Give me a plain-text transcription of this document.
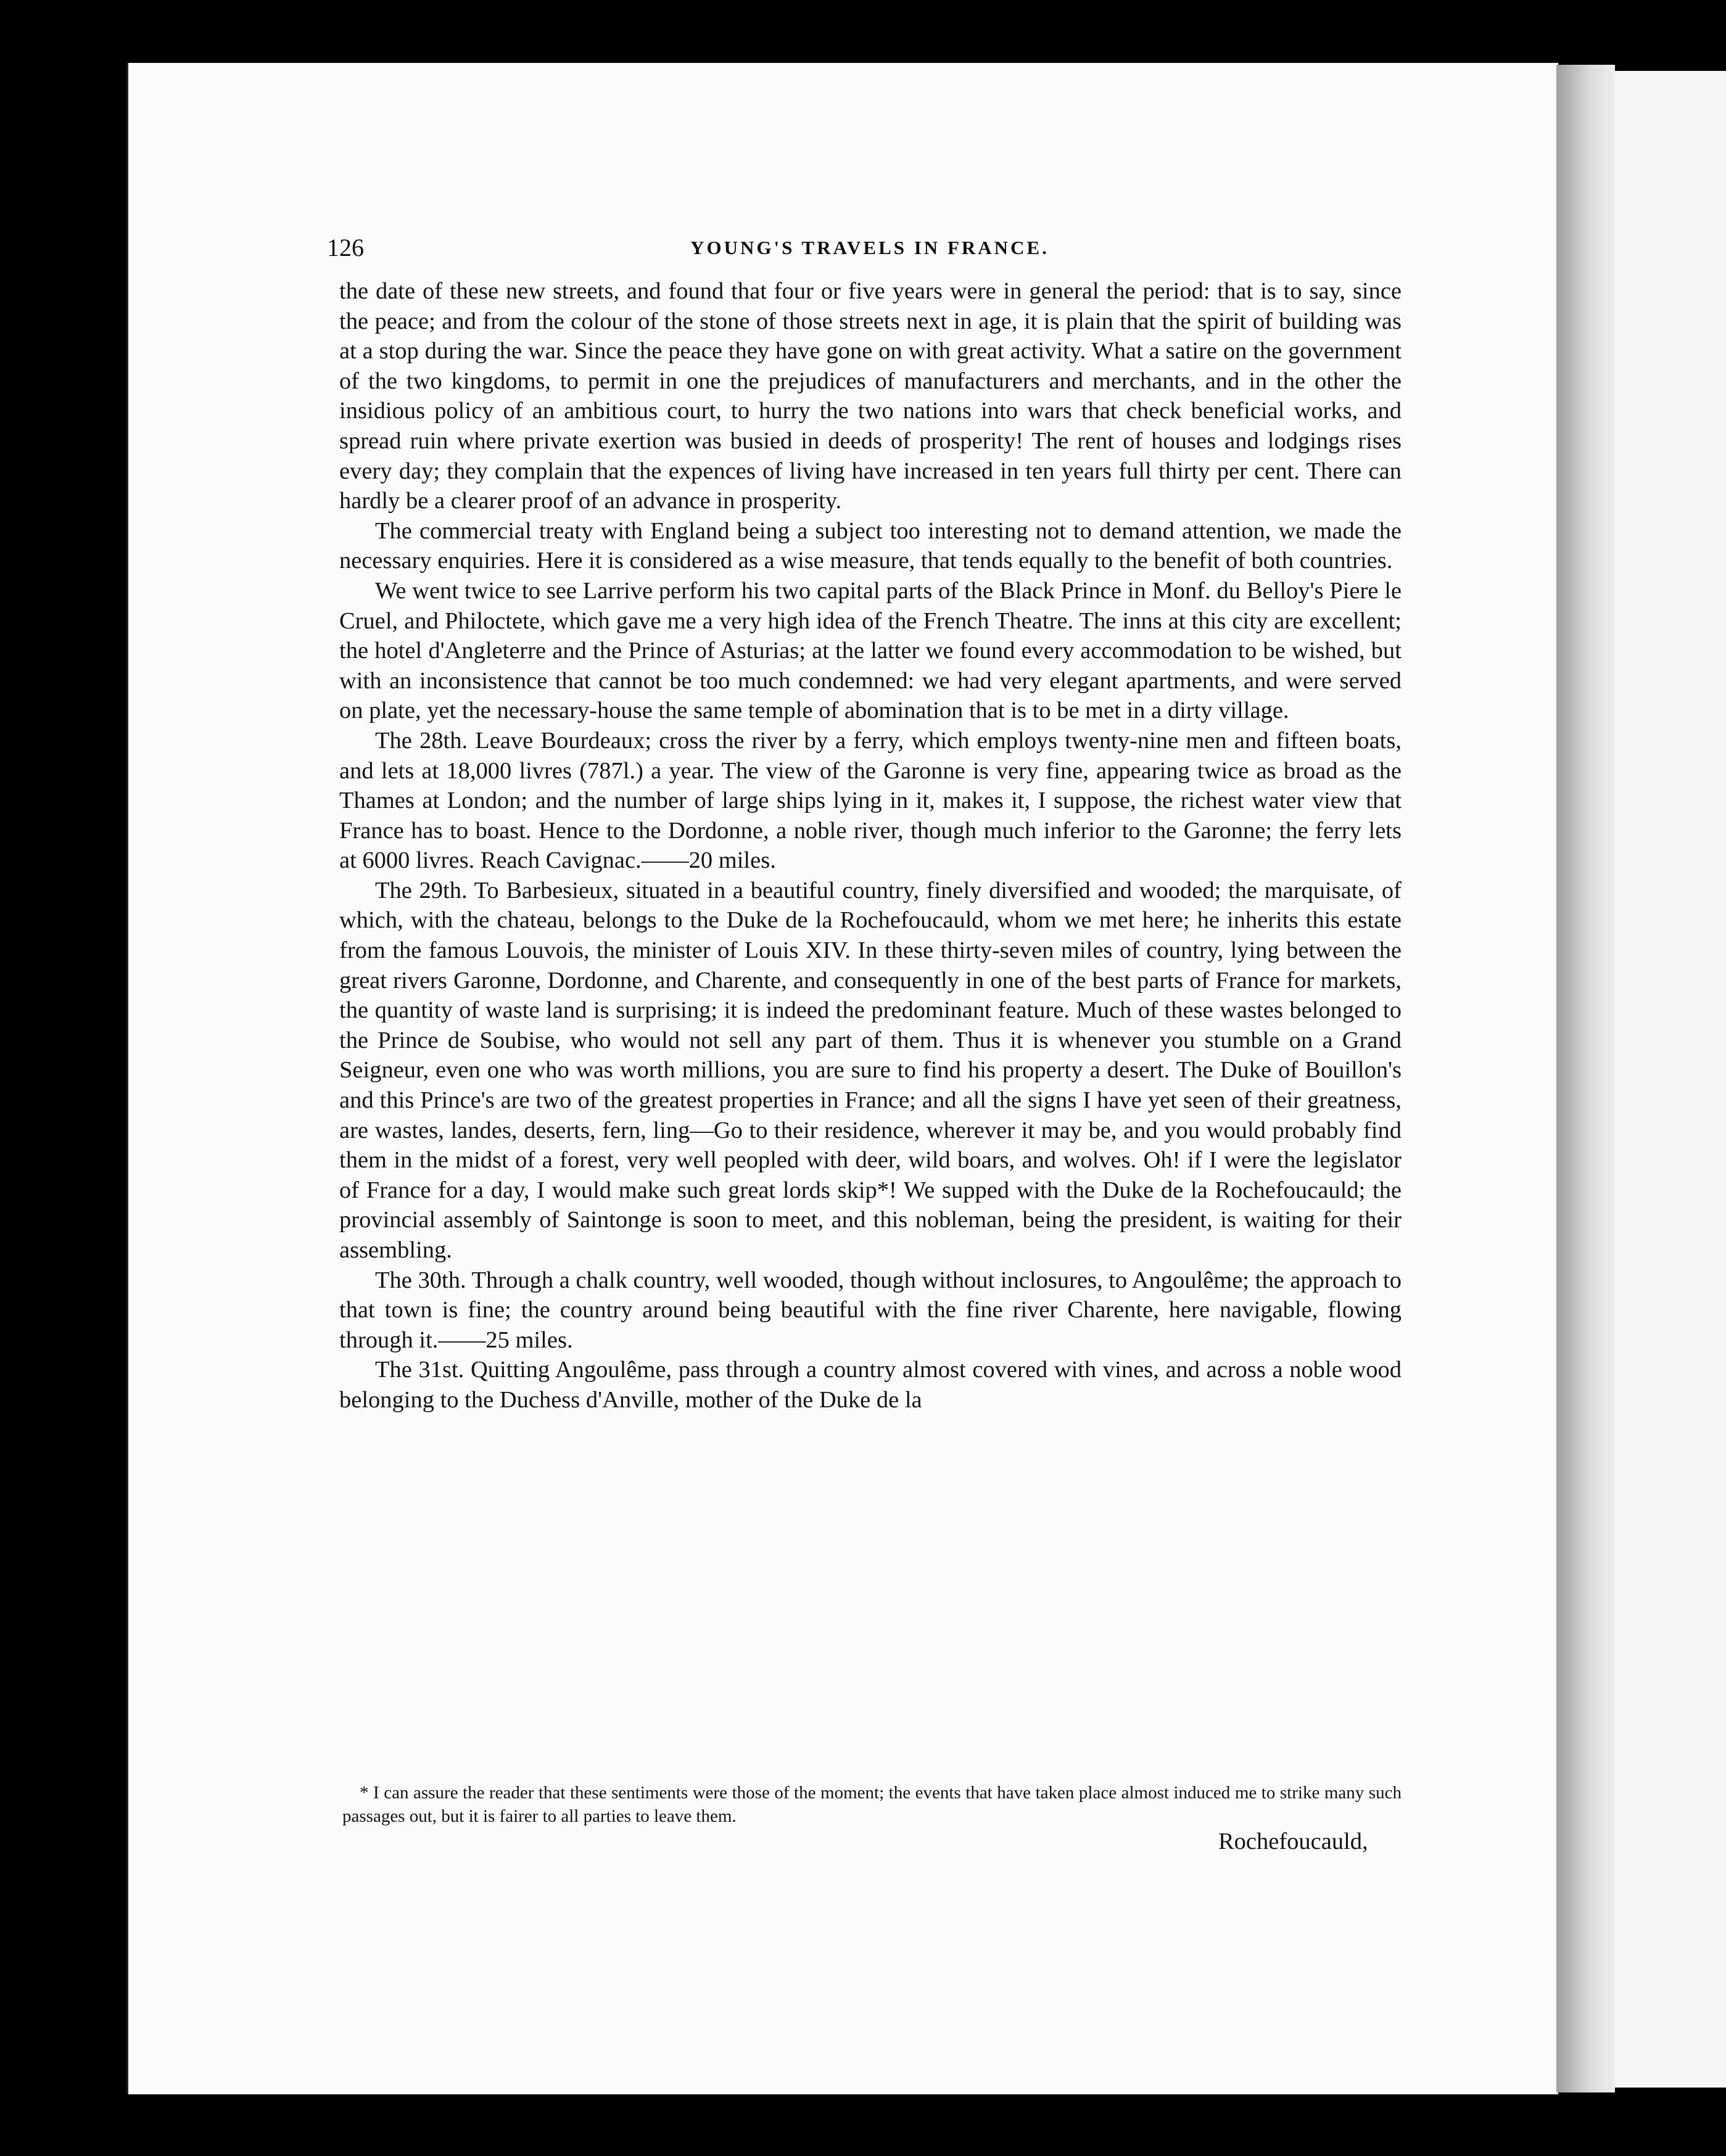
126	YOUNG'S TRAVELS IN FRANCE.

the date of these new streets, and found that four or five years were in general the period: that is to say, since the peace; and from the colour of the stone of those streets next in age, it is plain that the spirit of building was at a stop during the war. Since the peace they have gone on with great activity. What a satire on the government of the two kingdoms, to permit in one the prejudices of manufacturers and merchants, and in the other the insidious policy of an ambitious court, to hurry the two nations into wars that check beneficial works, and spread ruin where private exertion was busied in deeds of prosperity! The rent of houses and lodgings rises every day; they complain that the expences of living have increased in ten years full thirty per cent. There can hardly be a clearer proof of an advance in prosperity.

The commercial treaty with England being a subject too interesting not to demand attention, we made the necessary enquiries. Here it is considered as a wise measure, that tends equally to the benefit of both countries.

We went twice to see Larrive perform his two capital parts of the Black Prince in Monf. du Belloy's Piere le Cruel, and Philoctete, which gave me a very high idea of the French Theatre. The inns at this city are excellent; the hotel d'Angleterre and the Prince of Asturias; at the latter we found every accommodation to be wished, but with an inconsistence that cannot be too much condemned: we had very elegant apartments, and were served on plate, yet the necessary-house the same temple of abomination that is to be met in a dirty village.

The 28th. Leave Bourdeaux; cross the river by a ferry, which employs twenty-nine men and fifteen boats, and lets at 18,000 livres (787l.) a year. The view of the Garonne is very fine, appearing twice as broad as the Thames at London; and the number of large ships lying in it, makes it, I suppose, the richest water view that France has to boast. Hence to the Dordonne, a noble river, though much inferior to the Garonne; the ferry lets at 6000 livres. Reach Cavignac.——20 miles.

The 29th. To Barbesieux, situated in a beautiful country, finely diversified and wooded; the marquisate, of which, with the chateau, belongs to the Duke de la Rochefoucauld, whom we met here; he inherits this estate from the famous Louvois, the minister of Louis XIV. In these thirty-seven miles of country, lying between the great rivers Garonne, Dordonne, and Charente, and consequently in one of the best parts of France for markets, the quantity of waste land is surprising; it is indeed the predominant feature. Much of these wastes belonged to the Prince de Soubise, who would not sell any part of them. Thus it is whenever you stumble on a Grand Seigneur, even one who was worth millions, you are sure to find his property a desert. The Duke of Bouillon's and this Prince's are two of the greatest properties in France; and all the signs I have yet seen of their greatness, are wastes, landes, deserts, fern, ling—Go to their residence, wherever it may be, and you would probably find them in the midst of a forest, very well peopled with deer, wild boars, and wolves. Oh! if I were the legislator of France for a day, I would make such great lords skip*! We supped with the Duke de la Rochefoucauld; the provincial assembly of Saintonge is soon to meet, and this nobleman, being the president, is waiting for their assembling.

The 30th. Through a chalk country, well wooded, though without inclosures, to Angoulême; the approach to that town is fine; the country around being beautiful with the fine river Charente, here navigable, flowing through it.——25 miles.

The 31st. Quitting Angoulême, pass through a country almost covered with vines, and across a noble wood belonging to the Duchess d'Anville, mother of the Duke de la

* I can assure the reader that these sentiments were those of the moment; the events that have taken place almost induced me to strike many such passages out, but it is fairer to all parties to leave them.
